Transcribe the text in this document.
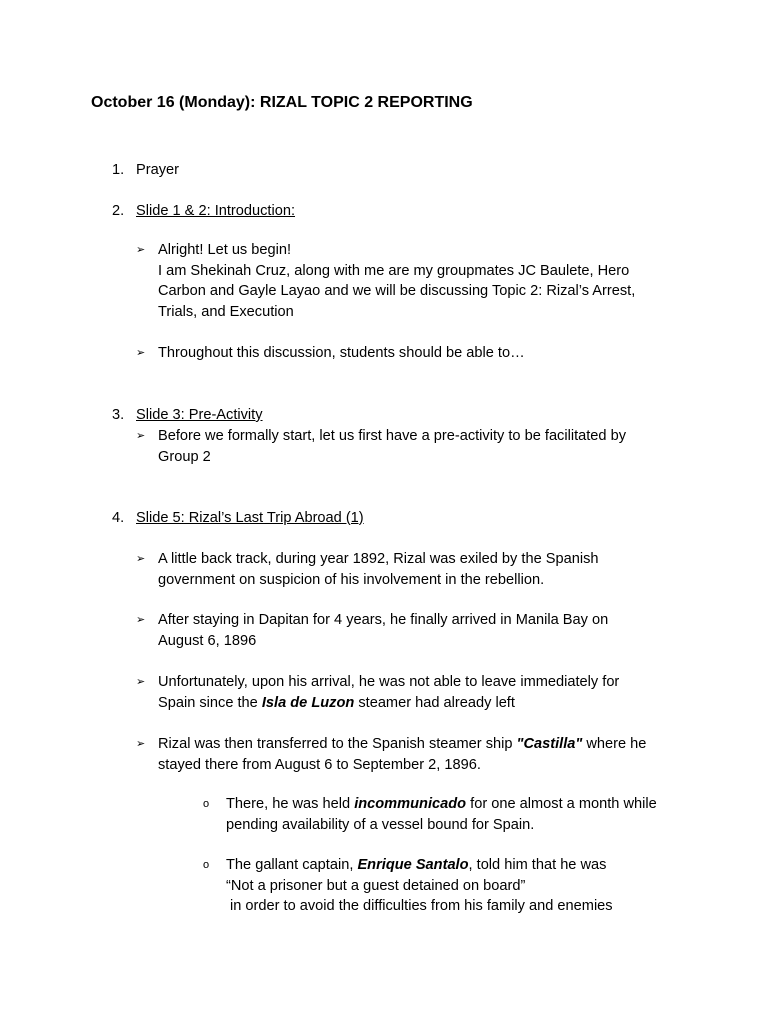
October 16 (Monday): RIZAL TOPIC 2 REPORTING
1. Prayer
2. Slide 1 & 2: Introduction:
➢ Alright! Let us begin!
I am Shekinah Cruz, along with me are my groupmates JC Baulete, Hero
Carbon and Gayle Layao and we will be discussing Topic 2: Rizal’s Arrest,
Trials, and Execution
➢ Throughout this discussion, students should be able to…
3. Slide 3: Pre-Activity
➢ Before we formally start, let us first have a pre-activity to be facilitated by
Group 2
4. Slide 5: Rizal’s Last Trip Abroad (1)
➢ A little back track, during year 1892, Rizal was exiled by the Spanish
government on suspicion of his involvement in the rebellion.
➢ After staying in Dapitan for 4 years, he finally arrived in Manila Bay on
August 6, 1896
➢ Unfortunately, upon his arrival, he was not able to leave immediately for
Spain since the Isla de Luzon steamer had already left
➢ Rizal was then transferred to the Spanish steamer ship "Castilla" where he
stayed there from August 6 to September 2, 1896.
o There, he was held incommunicado for one almost a month while
pending availability of a vessel bound for Spain.
o The gallant captain, Enrique Santalo, told him that he was
“Not a prisoner but a guest detained on board”
in order to avoid the difficulties from his family and enemies
